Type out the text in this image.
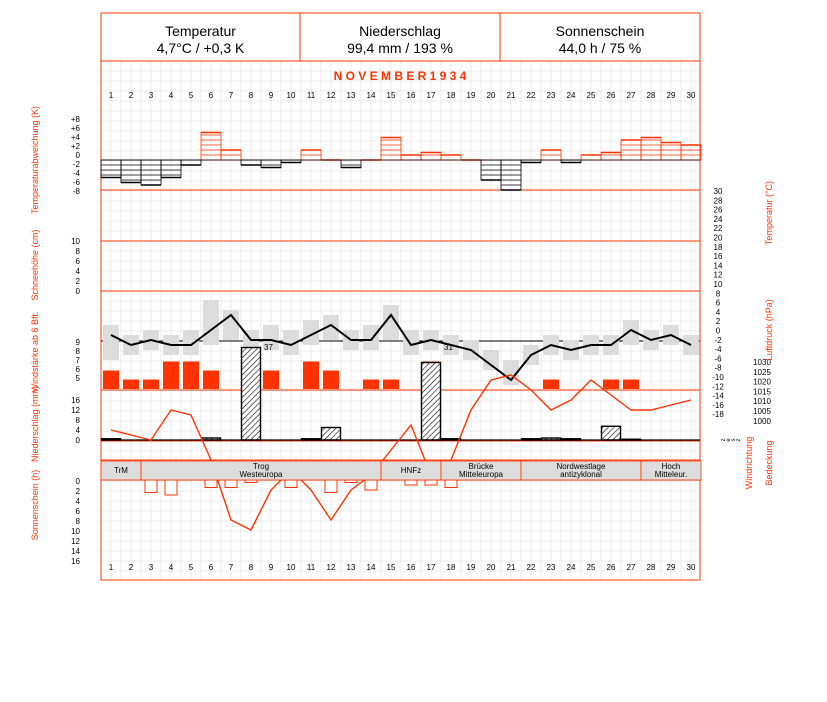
Temperatur
4,7°C / +0,3 K
Niederschlag
99,4 mm / 193 %
Sonnenschein
44,0 h / 75 %
N O V E M B E R 1 9 3 4
1
1
2
2
3
3
4
4
5
5
6
6
7
7
8
8
9
9
10
10
11
11
12
12
13
13
14
14
15
15
16
16
17
17
18
18
19
19
20
20
21
21
22
22
23
23
24
24
25
25
26
26
27
27
28
28
29
29
30
30
+8
+6
+4
+2
0
-2
-4
-6
-8
10
8
6
4
2
0
9
8
7
6
5
16
12
8
4
0
0
2
4
6
8
10
12
14
16
30
28
26
24
22
20
18
16
14
12
10
8
6
4
2
0
-2
-4
-6
-8
-10
-12
-14
-16
-18
1030
1025
1020
1015
1010
1005
1000
z e s z
Temperaturabweichung (K)
Schneehöhe (cm)
Windstärke ab 6 Bft.
Niederschlag (mm)
Sonnenschein (h)
Temperatur (°C)
Luftdruck (hPa)
Windrichtung Bedeckung
37	31
TrM	Trog
Westeuropa	HNFz	Brücke
Mitteleuropa
Nordwestlage
antizyklonal
Hoch
Mitteleur.
